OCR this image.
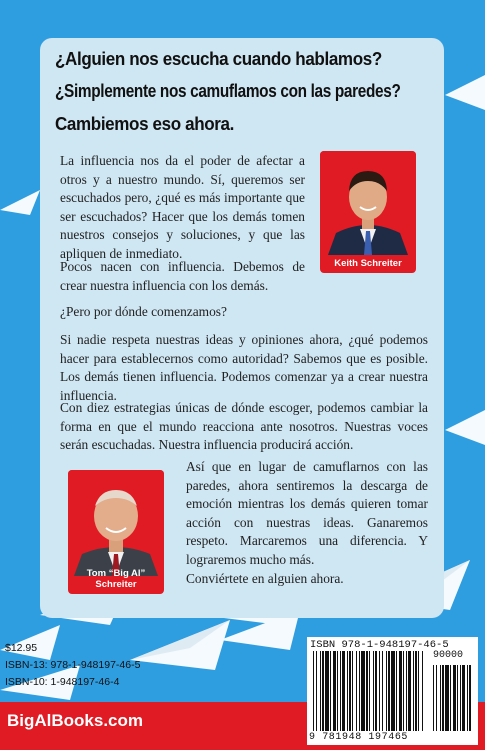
¿Alguien nos escucha cuando hablamos?
¿Simplemente nos camuflamos con las paredes?
Cambiemos eso ahora.
La influencia nos da el poder de afectar a otros y a nuestro mundo. Sí, queremos ser escuchados pero, ¿qué es más importante que ser escuchados? Hacer que los demás tomen nuestros consejos y soluciones, y que las apliquen de inmediato.
Keith Schreiter
Pocos nacen con influencia. Debemos de crear nuestra influencia con los demás.
¿Pero por dónde comenzamos?
Si nadie respeta nuestras ideas y opiniones ahora, ¿qué podemos hacer para establecernos como autoridad? Sabemos que es posible. Los demás tienen influencia. Podemos comenzar ya a crear nuestra influencia.
Con diez estrategias únicas de dónde escoger, podemos cambiar la forma en que el mundo reacciona ante nosotros. Nuestras voces serán escuchadas. Nuestra influencia producirá acción.
Tom “Big Al” Schreiter
Así que en lugar de camuflarnos con las paredes, ahora sentiremos la descarga de emoción mientras los demás quieren tomar acción con nuestras ideas. Ganaremos respeto. Marcaremos una diferencia. Y lograremos mucho más.
Conviértete en alguien ahora.
$12.95
ISBN-13: 978-1-948197-46-5
ISBN-10: 1-948197-46-4
BigAlBooks.com
ISBN 978-1-948197-46-5
90000
9 781948 197465
